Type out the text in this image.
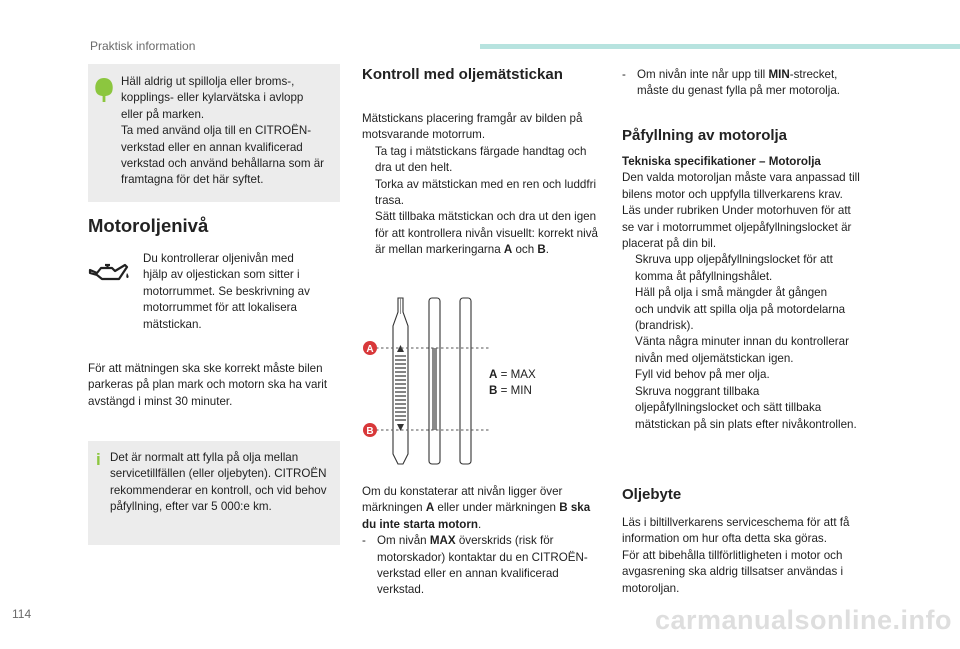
Praktisk information

Häll aldrig ut spillolja eller broms-,

kopplings- eller kylarvätska i avlopp

eller på marken.

Ta med använd olja till en CITROËN-

verkstad eller en annan kvalificerad

verkstad och använd behållarna som är

framtagna för det här syftet.

Motoroljenivå

Du kontrollerar oljenivån med

hjälp av oljestickan som sitter i

motorrummet. Se beskrivning av

motorrummet för att lokalisera

mätstickan.

För att mätningen ska ske korrekt måste bilen

parkeras på plan mark och motorn ska ha varit

avstängd i minst 30 minuter.

i Det är normalt att fylla på olja mellan

servicetillfällen (eller oljebyten). CITROËN

rekommenderar en kontroll, och vid behov

påfyllning, efter var 5 000:e km.

Kontroll med oljemätstickan

Mätstickans placering framgår av bilden på

motsvarande motorrum.

Ta tag i mätstickans färgade handtag och

dra ut den helt.

Torka av mätstickan med en ren och luddfri

trasa.

Sätt tillbaka mätstickan och dra ut den igen

för att kontrollera nivån visuellt: korrekt nivå

är mellan markeringarna A och B.

A
B

A = MAX

B = MIN

Om du konstaterar att nivån ligger över

märkningen A eller under märkningen B ska

du inte starta motorn.

- Om nivån MAX överskrids (risk för

motorskador) kontaktar du en CITROËN-

verkstad eller en annan kvalificerad

verkstad.

- Om nivån inte når upp till MIN-strecket,

måste du genast fylla på mer motorolja.

Påfyllning av motorolja

Tekniska specifikationer – Motorolja

Den valda motoroljan måste vara anpassad till

bilens motor och uppfylla tillverkarens krav.

Läs under rubriken Under motorhuven för att

se var i motorrummet oljepåfyllningslocket är

placerat på din bil.

Skruva upp oljepåfyllningslocket för att

komma åt påfyllningshålet.

Häll på olja i små mängder åt gången

och undvik att spilla olja på motordelarna

(brandrisk).

Vänta några minuter innan du kontrollerar

nivån med oljemätstickan igen.

Fyll vid behov på mer olja.

Skruva noggrant tillbaka

oljepåfyllningslocket och sätt tillbaka

mätstickan på sin plats efter nivåkontrollen.

Oljebyte

Läs i biltillverkarens serviceschema för att få

information om hur ofta detta ska göras.

För att bibehålla tillförlitligheten i motor och

avgasrening ska aldrig tillsatser användas i

motoroljan.

114	carmanualsonline.info
